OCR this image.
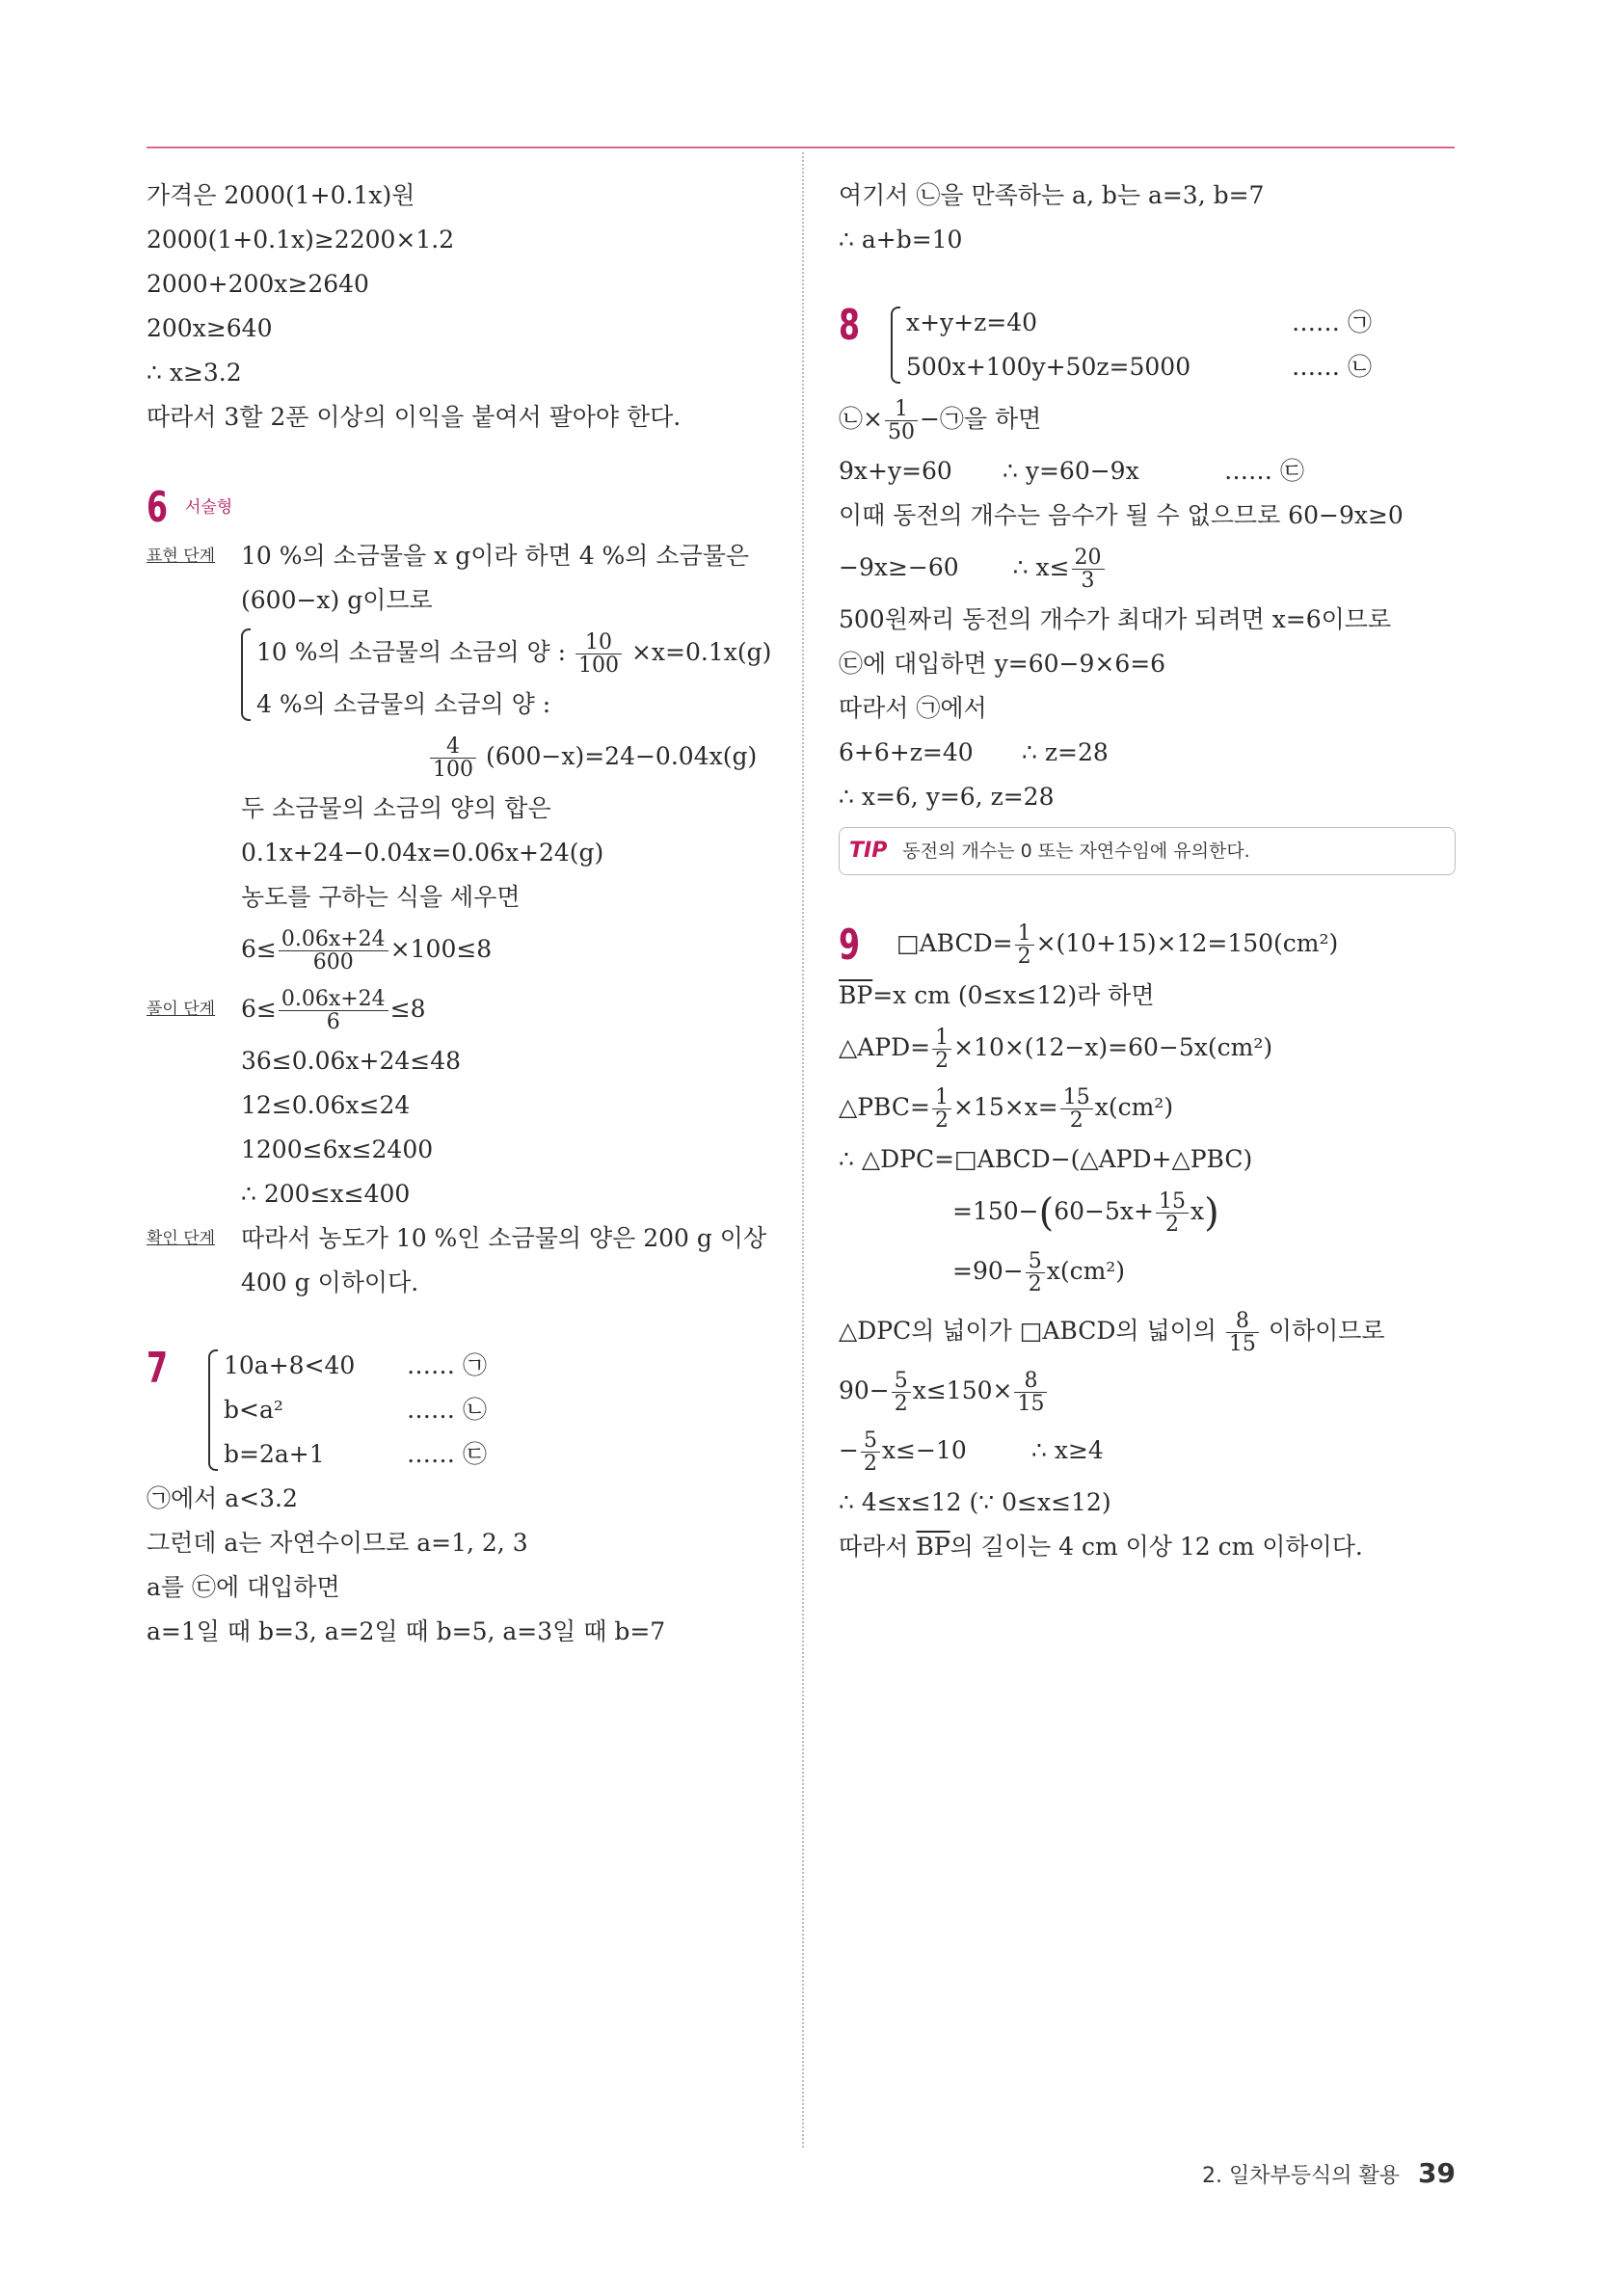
가격은 2000(1+0.1x)원
2000(1+0.1x)≥2200×1.2
2000+200x≥2640
200x≥640
∴ x≥3.2
따라서 3할 2푼 이상의 이익을 붙여서 팔아야 한다.
6 서술형
표현 단계 10 %의 소금물을 x g이라 하면 4 %의 소금물은
(600−x) g이므로
10 %의 소금물의 소금의 양 : $\frac{10}{100} \times x=0.1x(g)$
4 %의 소금물의 소금의 양 :
$\frac{4}{100} (600-x)=24-0.04x(g)$
두 소금물의 소금의 양의 합은
0.1x+24−0.04x=0.06x+24(g)
농도를 구하는 식을 세우면
$6\le \frac{0.06x+24}{600} \times 100\le 8$
풀이 단계 $6\le \frac{0.06x+24}{6} \le 8$
36≤0.06x+24≤48
12≤0.06x≤24
1200≤6x≤2400
∴ 200≤x≤400
확인 단계 따라서 농도가 10 %인 소금물의 양은 200 g 이상
400 g 이하이다.
7 10a+8<40 …… ㉠
b<a²	…… ㉡
b=2a+1	…… ㉢
㉠에서 a<3.2
그런데 a는 자연수이므로 a=1, 2, 3
a를 ㉢에 대입하면
a=1일 때 b=3, a=2일 때 b=5, a=3일 때 b=7
여기서 ㉡을 만족하는 a, b는 a=3, b=7
∴ a+b=10
8 x+y+z=40	…… ㉠
500x+100y+50z=5000	…… ㉡
㉡× $\frac{1}{50}$ −㉠을 하면
9x+y=60 ∴ y=60−9x	…… ㉢
이때 동전의 개수는 음수가 될 수 없으므로 60−9x≥0
−9x≥−60 ∴ $x\le \frac{20}{3}$
500원짜리 동전의 개수가 최대가 되려면 x=6이므로
㉢에 대입하면 y=60−9×6=6
따라서 ㉠에서
6+6+z=40 ∴ z=28
∴ x=6, y=6, z=28
TIP 동전의 개수는 0 또는 자연수임에 유의한다.
9 □ABCD= $\frac{1}{2} \times(10+15)\times 12=150(cm^2)$
$\overline{BP}=x$ cm (0≤x≤12)라 하면
△APD= $\frac{1}{2} \times 10\times(12-x)=60-5x(cm^2)$
△PBC= $\frac{1}{2} \times 15\times x= \frac{15}{2} x(cm^2)$
∴ △DPC=□ABCD−(△APD+△PBC)
$=150-(60-5x+ \frac{15}{2} x)$
$=90- \frac{5}{2} x(cm^2)$
△DPC의 넓이가 □ABCD의 넓이의 $\frac{8}{15}$ 이하이므로
$90- \frac{5}{2} x\le 150\times \frac{8}{15}$
− $\frac{5}{2} x\le-10$	∴ x≥4
∴ 4≤x≤12 (∵ 0≤x≤12)
따라서 $\overline{BP}$의 길이는 4 cm 이상 12 cm 이하이다.
2. 일차부등식의 활용 39
